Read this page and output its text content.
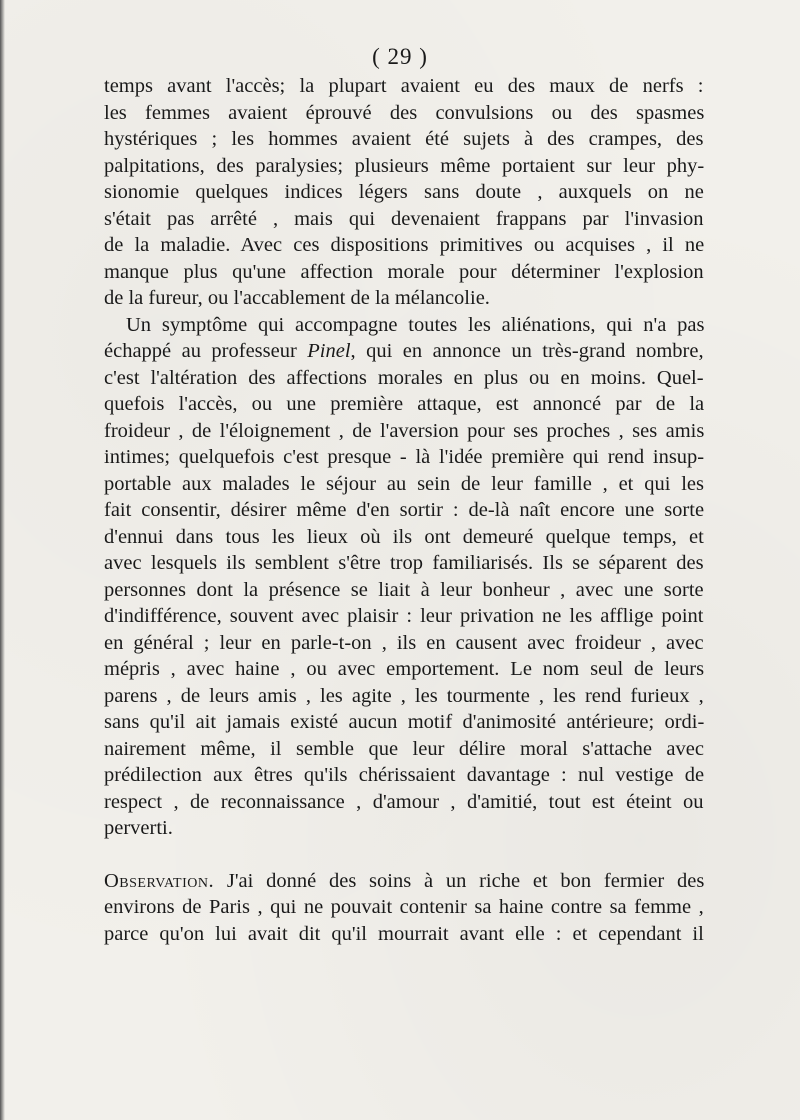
( 29 )
temps avant l'accès; la plupart avaient eu des maux de nerfs :
les femmes avaient éprouvé des convulsions ou des spasmes
hystériques ; les hommes avaient été sujets à des crampes, des
palpitations, des paralysies; plusieurs même portaient sur leur phy-
sionomie quelques indices légers sans doute , auxquels on ne
s'était pas arrêté , mais qui devenaient frappans par l'invasion
de la maladie. Avec ces dispositions primitives ou acquises , il ne
manque plus qu'une affection morale pour déterminer l'explosion
de la fureur, ou l'accablement de la mélancolie.
Un symptôme qui accompagne toutes les aliénations, qui n'a pas
échappé au professeur Pinel, qui en annonce un très-grand nombre,
c'est l'altération des affections morales en plus ou en moins. Quel-
quefois l'accès, ou une première attaque, est annoncé par de la
froideur , de l'éloignement , de l'aversion pour ses proches , ses amis
intimes; quelquefois c'est presque - là l'idée première qui rend insup-
portable aux malades le séjour au sein de leur famille , et qui les
fait consentir, désirer même d'en sortir : de-là naît encore une sorte
d'ennui dans tous les lieux où ils ont demeuré quelque temps, et
avec lesquels ils semblent s'être trop familiarisés. Ils se séparent des
personnes dont la présence se liait à leur bonheur , avec une sorte
d'indifférence, souvent avec plaisir : leur privation ne les afflige point
en général ; leur en parle-t-on , ils en causent avec froideur , avec
mépris , avec haine , ou avec emportement. Le nom seul de leurs
parens , de leurs amis , les agite , les tourmente , les rend furieux ,
sans qu'il ait jamais existé aucun motif d'animosité antérieure; ordi-
nairement même, il semble que leur délire moral s'attache avec
prédilection aux êtres qu'ils chérissaient davantage : nul vestige de
respect , de reconnaissance , d'amour , d'amitié, tout est éteint ou
perverti.
Observation. J'ai donné des soins à un riche et bon fermier des
environs de Paris , qui ne pouvait contenir sa haine contre sa femme ,
parce qu'on lui avait dit qu'il mourrait avant elle : et cependant il
